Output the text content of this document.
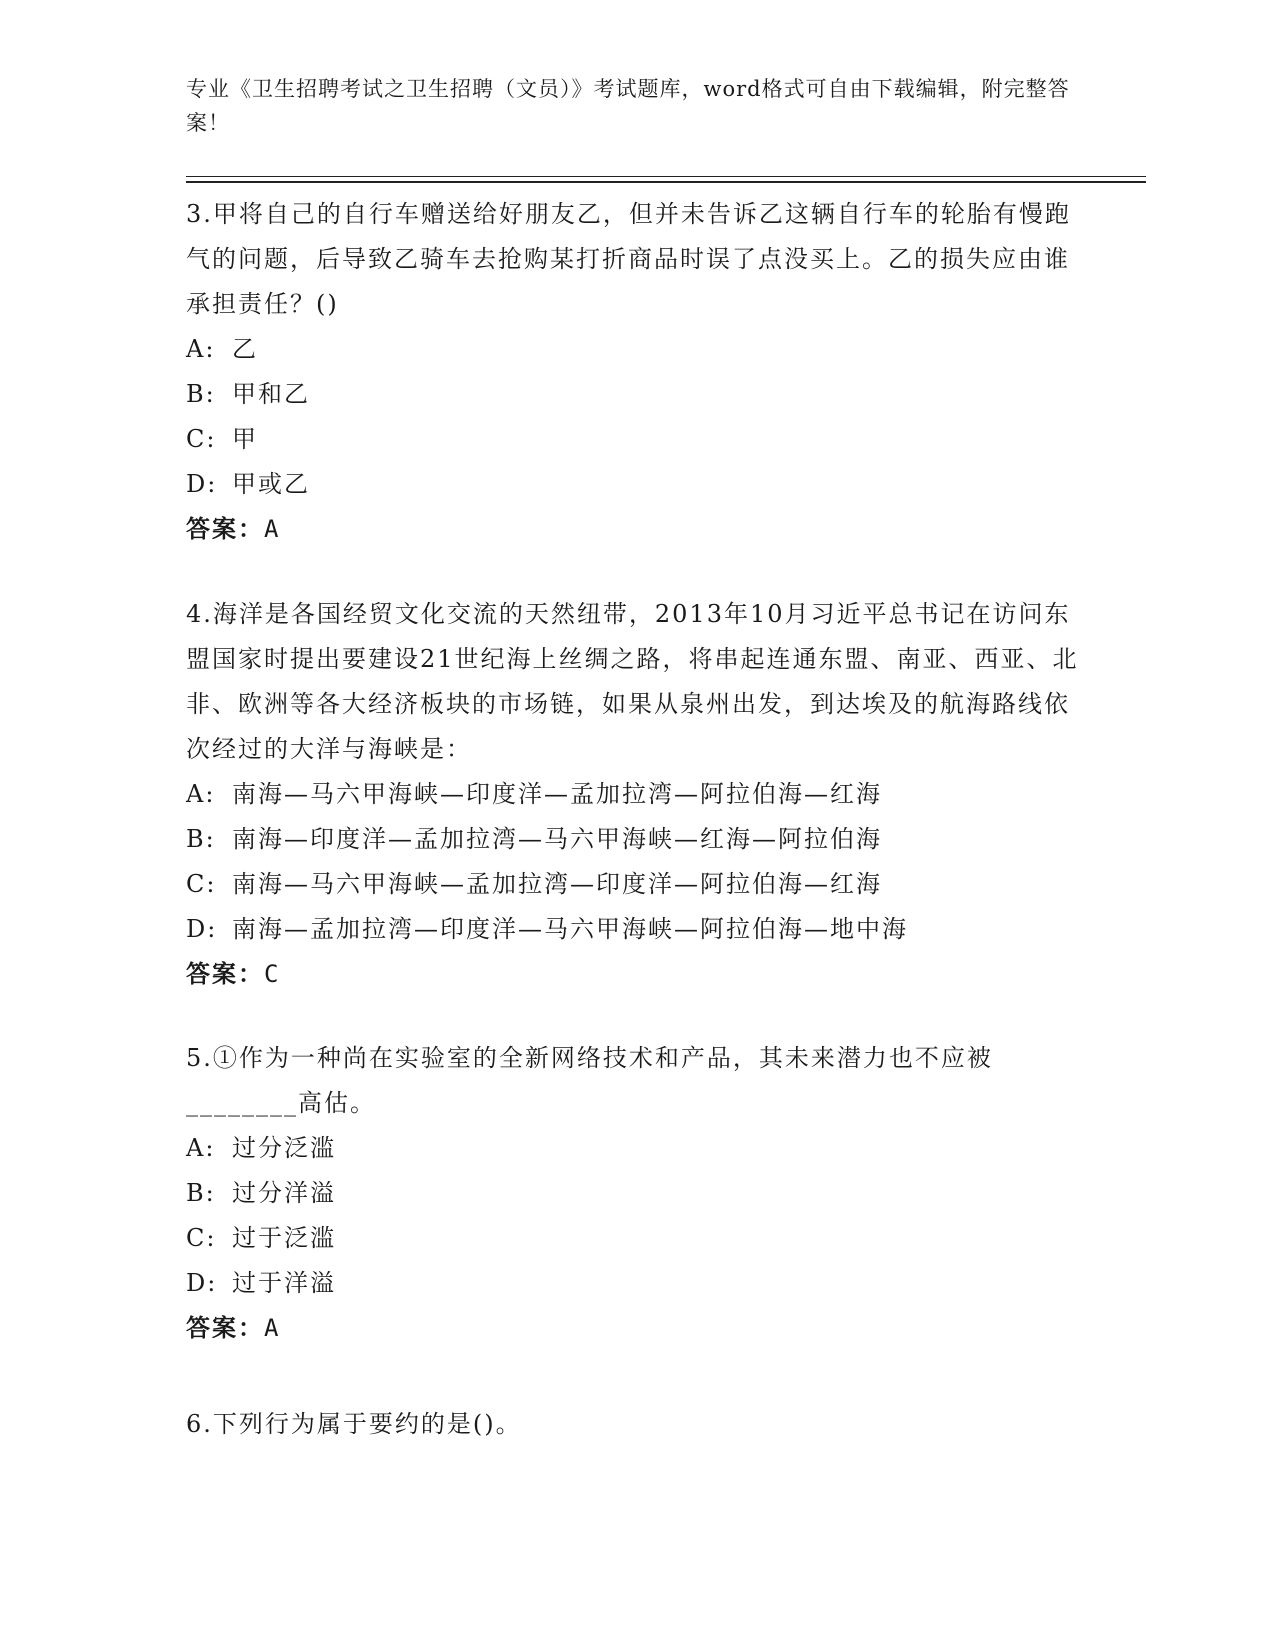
专业《卫生招聘考试之卫生招聘（文员）》考试题库，word格式可自由下载编辑，附完整答案！

3.甲将自己的自行车赠送给好朋友乙，但并未告诉乙这辆自行车的轮胎有慢跑气的问题，后导致乙骑车去抢购某打折商品时误了点没买上。乙的损失应由谁承担责任？()

A: 乙

B: 甲和乙

C: 甲

D: 甲或乙

答案：A

4.海洋是各国经贸文化交流的天然纽带，2013年10月习近平总书记在访问东盟国家时提出要建设21世纪海上丝绸之路，将串起连通东盟、南亚、西亚、北非、欧洲等各大经济板块的市场链，如果从泉州出发，到达埃及的航海路线依次经过的大洋与海峡是：

A: 南海—马六甲海峡—印度洋—孟加拉湾—阿拉伯海—红海

B: 南海—印度洋—孟加拉湾—马六甲海峡—红海—阿拉伯海

C: 南海—马六甲海峡—孟加拉湾—印度洋—阿拉伯海—红海

D: 南海—孟加拉湾—印度洋—马六甲海峡—阿拉伯海—地中海

答案：C

5.①作为一种尚在实验室的全新网络技术和产品，其未来潜力也不应被________高估。

A: 过分泛滥

B: 过分洋溢

C: 过于泛滥

D: 过于洋溢

答案：A

6.下列行为属于要约的是()。
